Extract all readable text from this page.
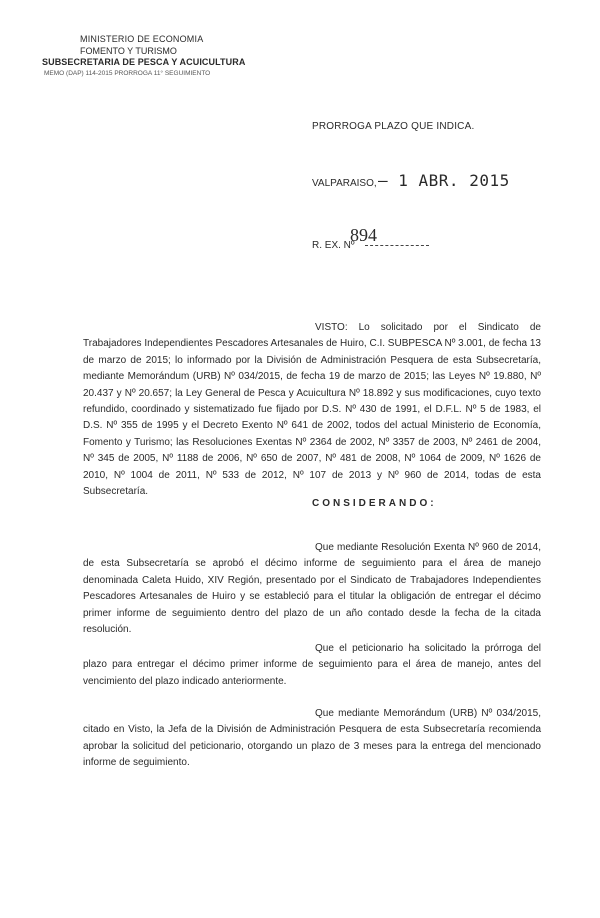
MINISTERIO DE ECONOMIA
FOMENTO Y TURISMO
SUBSECRETARIA DE PESCA Y ACUICULTURA
MEMO (DAP) 114-2015 PRORROGA 11° SEGUIMIENTO
PRORROGA PLAZO QUE INDICA.
VALPARAISO, – 1 ABR. 2015
R. EX. Nº
894

VISTO: Lo solicitado por el Sindicato de Trabajadores Independientes Pescadores Artesanales de Huiro, C.I. SUBPESCA Nº 3.001, de fecha 13 de marzo de 2015; lo informado por la División de Administración Pesquera de esta Subsecretaría, mediante Memorándum (URB) Nº 034/2015, de fecha 19 de marzo de 2015; las Leyes Nº 19.880, Nº 20.437 y Nº 20.657; la Ley General de Pesca y Acuicultura Nº 18.892 y sus modificaciones, cuyo texto refundido, coordinado y sistematizado fue fijado por D.S. Nº 430 de 1991, el D.F.L. Nº 5 de 1983, el D.S. Nº 355 de 1995 y el Decreto Exento Nº 641 de 2002, todos del actual Ministerio de Economía, Fomento y Turismo; las Resoluciones Exentas Nº 2364 de 2002, Nº 3357 de 2003, Nº 2461 de 2004, Nº 345 de 2005, Nº 1188 de 2006, Nº 650 de 2007, Nº 481 de 2008, Nº 1064 de 2009, Nº 1626 de 2010, Nº 1004 de 2011, Nº 533 de 2012, Nº 107 de 2013 y Nº 960 de 2014, todas de esta Subsecretaría.

CONSIDERANDO:

Que mediante Resolución Exenta Nº 960 de 2014, de esta Subsecretaría se aprobó el décimo informe de seguimiento para el área de manejo denominada Caleta Huido, XIV Región, presentado por el Sindicato de Trabajadores Independientes Pescadores Artesanales de Huiro y se estableció para el titular la obligación de entregar el décimo primer informe de seguimiento dentro del plazo de un año contado desde la fecha de la citada resolución.

Que el peticionario ha solicitado la prórroga del plazo para entregar el décimo primer informe de seguimiento para el área de manejo, antes del vencimiento del plazo indicado anteriormente.

Que mediante Memorándum (URB) Nº 034/2015, citado en Visto, la Jefa de la División de Administración Pesquera de esta Subsecretaría recomienda aprobar la solicitud del peticionario, otorgando un plazo de 3 meses para la entrega del mencionado informe de seguimiento.
